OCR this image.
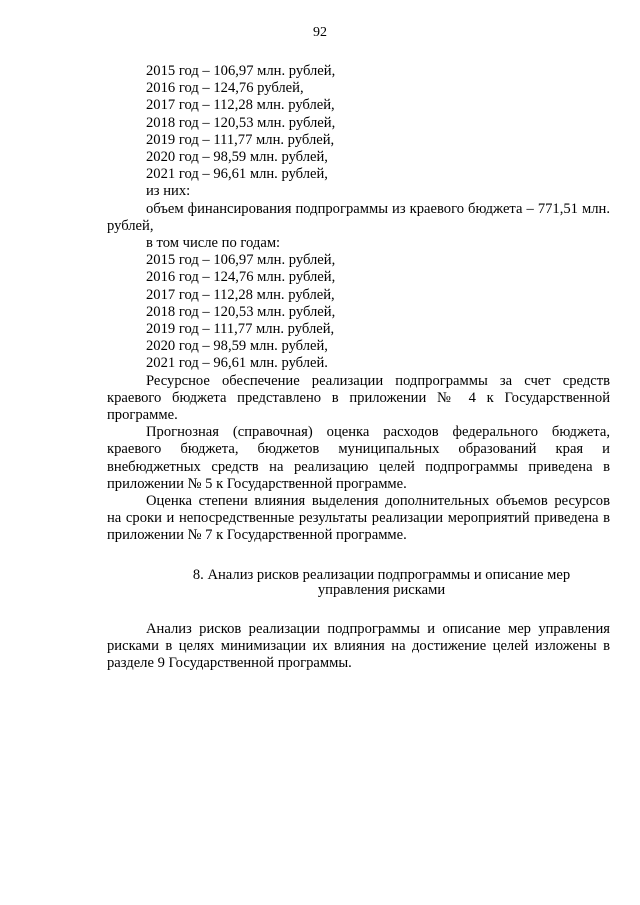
92

2015 год – 106,97 млн. рублей,

2016 год – 124,76 рублей,

2017 год – 112,28 млн. рублей,

2018 год – 120,53 млн. рублей,

2019 год – 111,77 млн. рублей,

2020 год – 98,59 млн. рублей,

2021 год – 96,61 млн. рублей,

из них:

объем финансирования подпрограммы из краевого бюджета – 771,51 млн. рублей,

в том числе по годам:

2015 год – 106,97 млн. рублей,

2016 год – 124,76 млн. рублей,

2017 год – 112,28 млн. рублей,

2018 год – 120,53 млн. рублей,

2019 год – 111,77 млн. рублей,

2020 год – 98,59 млн. рублей,

2021 год – 96,61 млн. рублей.

Ресурсное обеспечение реализации подпрограммы за счет средств краевого бюджета представлено в приложении № 4 к Государственной программе.

Прогнозная (справочная) оценка расходов федерального бюджета, краевого бюджета, бюджетов муниципальных образований края и внебюджетных средств на реализацию целей подпрограммы приведена в приложении № 5 к Государственной программе.

Оценка степени влияния выделения дополнительных объемов ресурсов на сроки и непосредственные результаты реализации мероприятий приведена в приложении № 7 к Государственной программе.

8. Анализ рисков реализации подпрограммы и описание мер
управления рисками

Анализ рисков реализации подпрограммы и описание мер управления рисками в целях минимизации их влияния на достижение целей изложены в разделе 9 Государственной программы.
